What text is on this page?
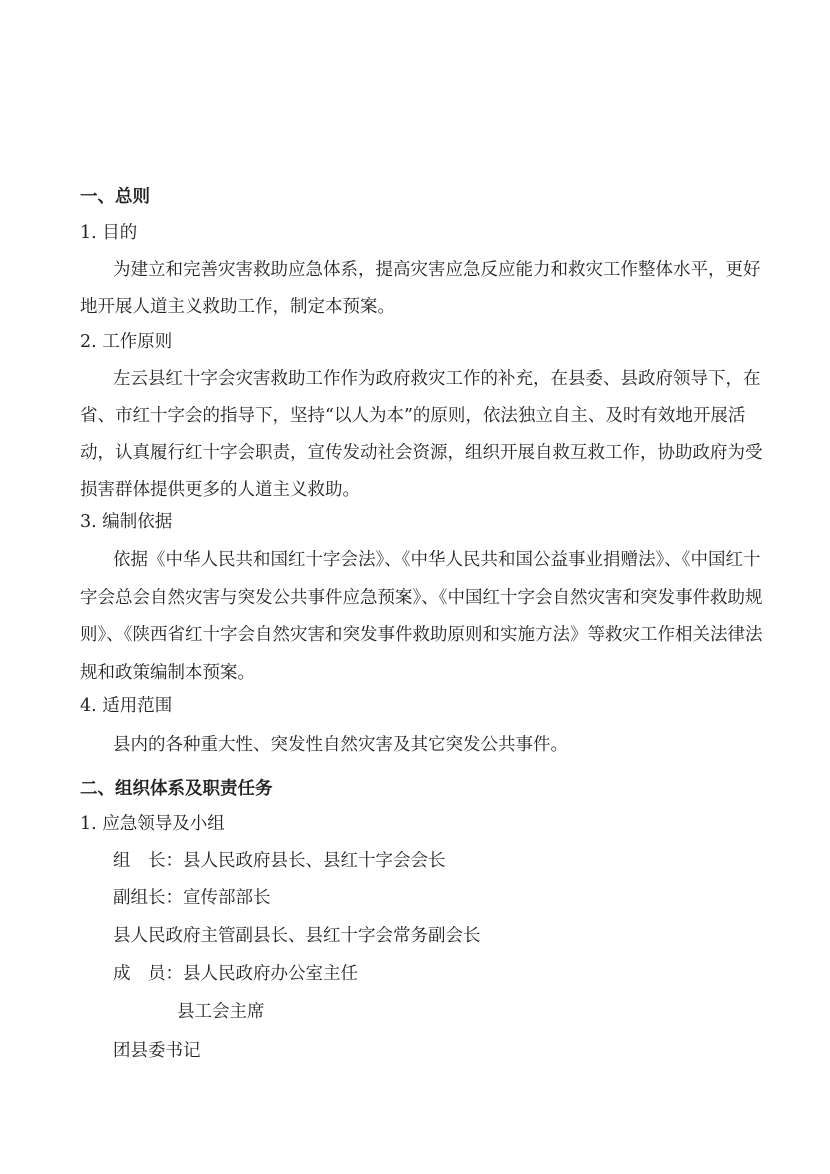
一、总则
1. 目的
为建立和完善灾害救助应急体系，提高灾害应急反应能力和救灾工作整体水平，更好
地开展人道主义救助工作，制定本预案。
2. 工作原则
左云县红十字会灾害救助工作作为政府救灾工作的补充，在县委、县政府领导下，在
省、市红十字会的指导下，坚持“以人为本”的原则，依法独立自主、及时有效地开展活
动，认真履行红十字会职责，宣传发动社会资源，组织开展自救互救工作，协助政府为受
损害群体提供更多的人道主义救助。
3. 编制依据
依据《中华人民共和国红十字会法》、《中华人民共和国公益事业捐赠法》、《中国红十
字会总会自然灾害与突发公共事件应急预案》、《中国红十字会自然灾害和突发事件救助规
则》、《陕西省红十字会自然灾害和突发事件救助原则和实施方法》等救灾工作相关法律法
规和政策编制本预案。
4. 适用范围
县内的各种重大性、突发性自然灾害及其它突发公共事件。
二、组织体系及职责任务
1. 应急领导及小组
组　长：县人民政府县长、县红十字会会长
副组长：宣传部部长
县人民政府主管副县长、县红十字会常务副会长
成　员：县人民政府办公室主任
县工会主席
团县委书记
